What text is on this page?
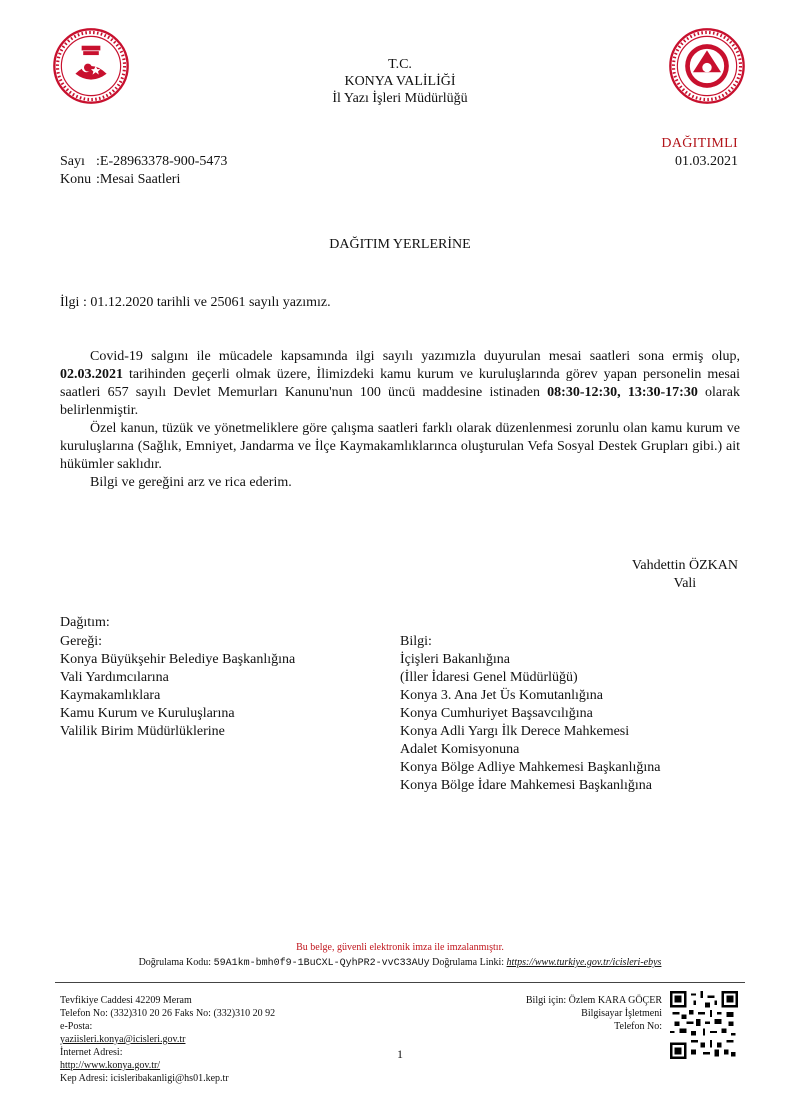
T.C.
KONYA VALİLİĞİ
İl Yazı İşleri Müdürlüğü
DAĞITIMLI
01.03.2021
Sayı :E-28963378-900-5473
Konu :Mesai Saatleri
DAĞITIM YERLERİNE
İlgi : 01.12.2020 tarihli ve 25061 sayılı yazımız.

Covid-19 salgını ile mücadele kapsamında ilgi sayılı yazımızla duyurulan mesai saatleri sona ermiş olup, 02.03.2021 tarihinden geçerli olmak üzere, İlimizdeki kamu kurum ve kuruluşlarında görev yapan personelin mesai saatleri 657 sayılı Devlet Memurları Kanunu'nun 100 üncü maddesine istinaden 08:30-12:30, 13:30-17:30 olarak belirlenmiştir.

Özel kanun, tüzük ve yönetmeliklere göre çalışma saatleri farklı olarak düzenlenmesi zorunlu olan kamu kurum ve kuruluşlarına (Sağlık, Emniyet, Jandarma ve İlçe Kaymakamlıklarınca oluşturulan Vefa Sosyal Destek Grupları gibi.) ait hükümler saklıdır.

Bilgi ve gereğini arz ve rica ederim.

Vahdettin ÖZKAN
Vali
Dağıtım:
Gereği:
Konya Büyükşehir Belediye Başkanlığına
Vali Yardımcılarına
Kaymakamlıklara
Kamu Kurum ve Kuruluşlarına
Valilik Birim Müdürlüklerine
Bilgi:
İçişleri Bakanlığına
(İller İdaresi Genel Müdürlüğü)
Konya 3. Ana Jet Üs Komutanlığına
Konya Cumhuriyet Başsavcılığına
Konya Adli Yargı İlk Derece Mahkemesi
Adalet Komisyonuna
Konya Bölge Adliye Mahkemesi Başkanlığına
Konya Bölge İdare Mahkemesi Başkanlığına
Bu belge, güvenli elektronik imza ile imzalanmıştır.
Doğrulama Kodu: 59A1km-bmh0f9-1BuCXL-QyhPR2-vvC33AUy Doğrulama Linki: https://www.turkiye.gov.tr/icisleri-ebys
Tevfikiye Caddesi 42209 Meram
Telefon No: (332)310 20 26 Faks No: (332)310 20 92
e-Posta:
yaziisleri.konya@icisleri.gov.tr
İnternet Adresi:
http://www.konya.gov.tr/
Kep Adresi: icisleribakanligi@hs01.kep.tr
Bilgi için: Özlem KARA GÖÇER
Bilgisayar İşletmeni
Telefon No:
1
